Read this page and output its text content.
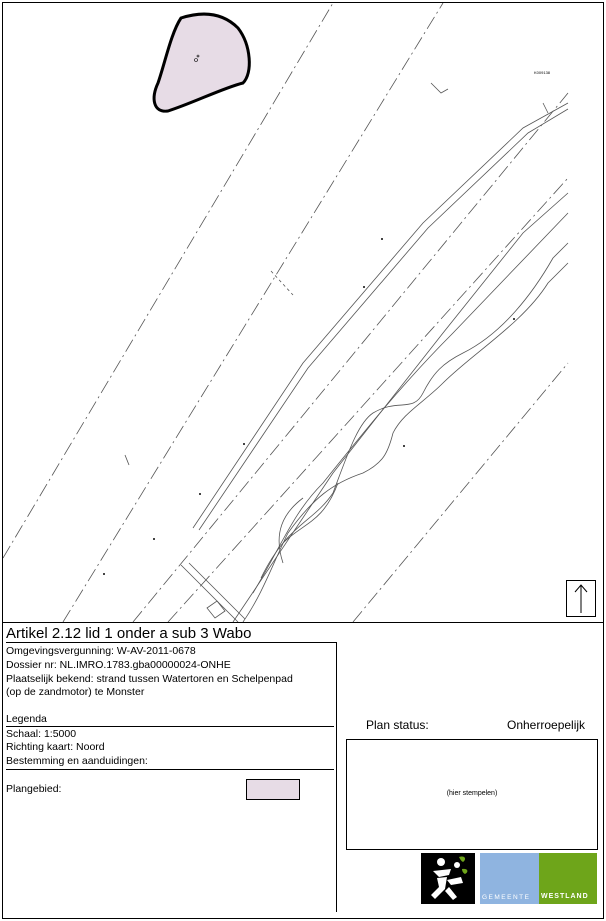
K009138
Artikel 2.12 lid 1 onder a sub 3 Wabo
Omgevingsvergunning: W-AV-2011-0678
Dossier nr: NL.IMRO.1783.gba00000024-ONHE
Plaatselijk bekend: strand tussen Watertoren en Schelpenpad
(op de zandmotor) te Monster
Legenda
Schaal: 1:5000
Richting kaart: Noord
Bestemming en aanduidingen:
Plangebied:
Plan status:	Onherroepelijk
(hier stempelen)
GEMEENTE WESTLAND
